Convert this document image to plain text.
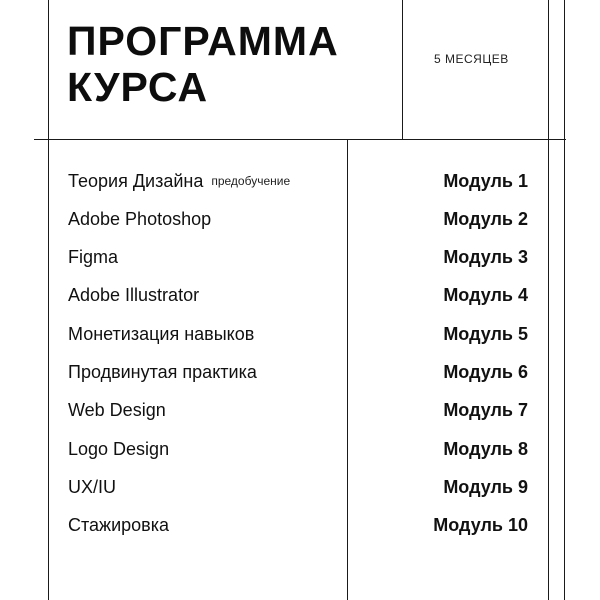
ПРОГРАММА
КУРСА
5 МЕСЯЦЕВ
Теория Дизайна предобучение	Модуль 1
Adobe Photoshop	Модуль 2
Figma	Модуль 3
Adobe Illustrator	Модуль 4
Монетизация навыков	Модуль 5
Продвинутая практика	Модуль 6
Web Design	Модуль 7
Logo Design	Модуль 8
UX/IU	Модуль 9
Стажировка	Модуль 10
